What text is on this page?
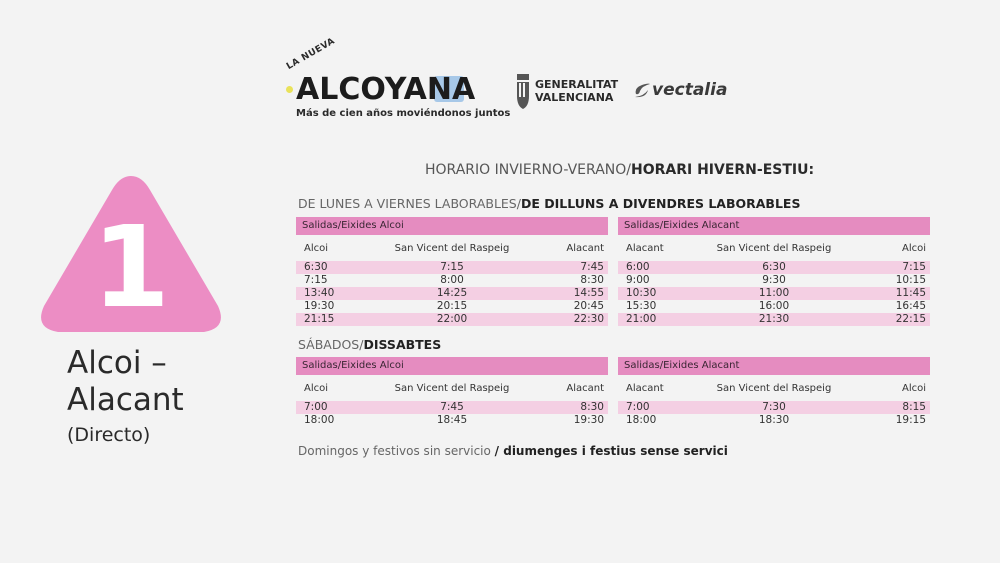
LA NUEVA
ALCOYANA
Más de cien años moviéndonos juntos
GENERALITAT
VALENCIANA vectalia
1
Alcoi –
Alacant
(Directo)
HORARIO INVIERNO-VERANO/HORARI HIVERN-ESTIU:
DE LUNES A VIERNES LABORABLES/DE DILLUNS A DIVENDRES LABORABLES
Salidas/Eixides Alcoi
Alcoi	San Vicent del Raspeig	Alacant
6:30	7:15	7:45
7:15	8:00	8:30
13:40	14:25	14:55
19:30	20:15	20:45
21:15	22:00	22:30
Salidas/Eixides Alacant
Alacant	San Vicent del Raspeig	Alcoi
6:00	6:30	7:15
9:00	9:30	10:15
10:30	11:00	11:45
15:30	16:00	16:45
21:00	21:30	22:15
SÁBADOS/DISSABTES
Salidas/Eixides Alcoi
Alcoi	San Vicent del Raspeig	Alacant
7:00	7:45	8:30
18:00	18:45	19:30
Salidas/Eixides Alacant
Alacant	San Vicent del Raspeig	Alcoi
7:00	7:30	8:15
18:00	18:30	19:15
Domingos y festivos sin servicio / diumenges i festius sense servici
